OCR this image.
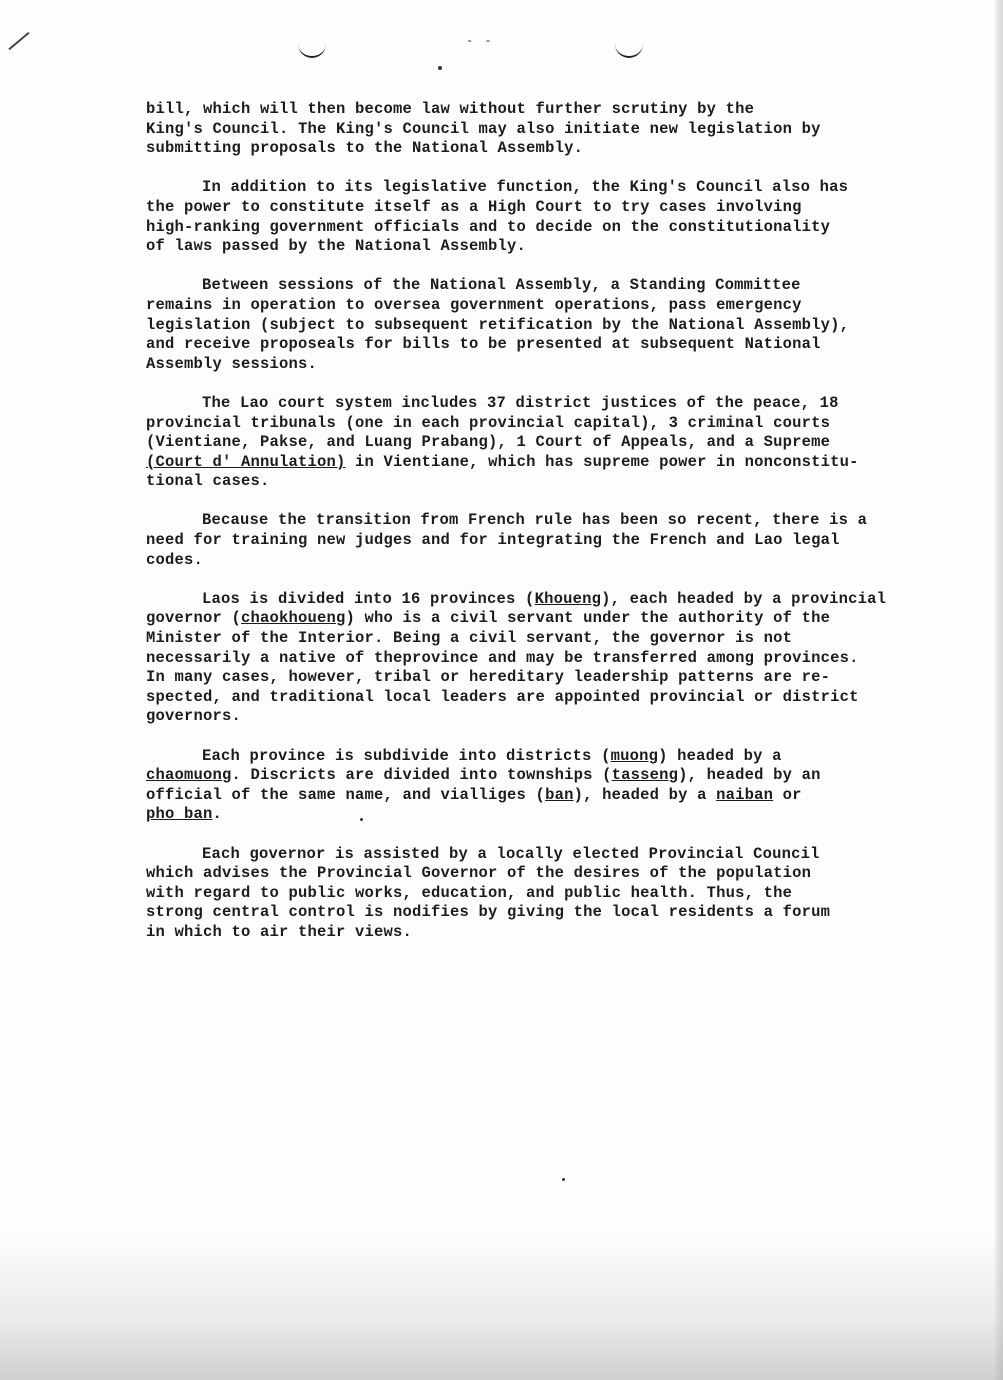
- -
bill, which will then become law without further scrutiny by the
King's Council. The King's Council may also initiate new legislation by
submitting proposals to the National Assembly.
In addition to its legislative function, the King's Council also has
the power to constitute itself as a High Court to try cases involving
high-ranking government officials and to decide on the constitutionality
of laws passed by the National Assembly.
Between sessions of the National Assembly, a Standing Committee
remains in operation to oversea government operations, pass emergency
legislation (subject to subsequent retification by the National Assembly),
and receive proposeals for bills to be presented at subsequent National
Assembly sessions.
The Lao court system includes 37 district justices of the peace, 18
provincial tribunals (one in each provincial capital), 3 criminal courts
(Vientiane, Pakse, and Luang Prabang), 1 Court of Appeals, and a Supreme
(Court d' Annulation) in Vientiane, which has supreme power in nonconstitu-
tional cases.
Because the transition from French rule has been so recent, there is a
need for training new judges and for integrating the French and Lao legal
codes.
Laos is divided into 16 provinces (Khoueng), each headed by a provincial
governor (chaokhoueng) who is a civil servant under the authority of the
Minister of the Interior. Being a civil servant, the governor is not
necessarily a native of theprovince and may be transferred among provinces.
In many cases, however, tribal or hereditary leadership patterns are re-
spected, and traditional local leaders are appointed provincial or district
governors.
Each province is subdivide into districts (muong) headed by a
chaomuong. Discricts are divided into townships (tasseng), headed by an
official of the same name, and vialliges (ban), headed by a naiban or
pho ban.
Each governor is assisted by a locally elected Provincial Council
which advises the Provincial Governor of the desires of the population
with regard to public works, education, and public health. Thus, the
strong central control is nodifies by giving the local residents a forum
in which to air their views.
